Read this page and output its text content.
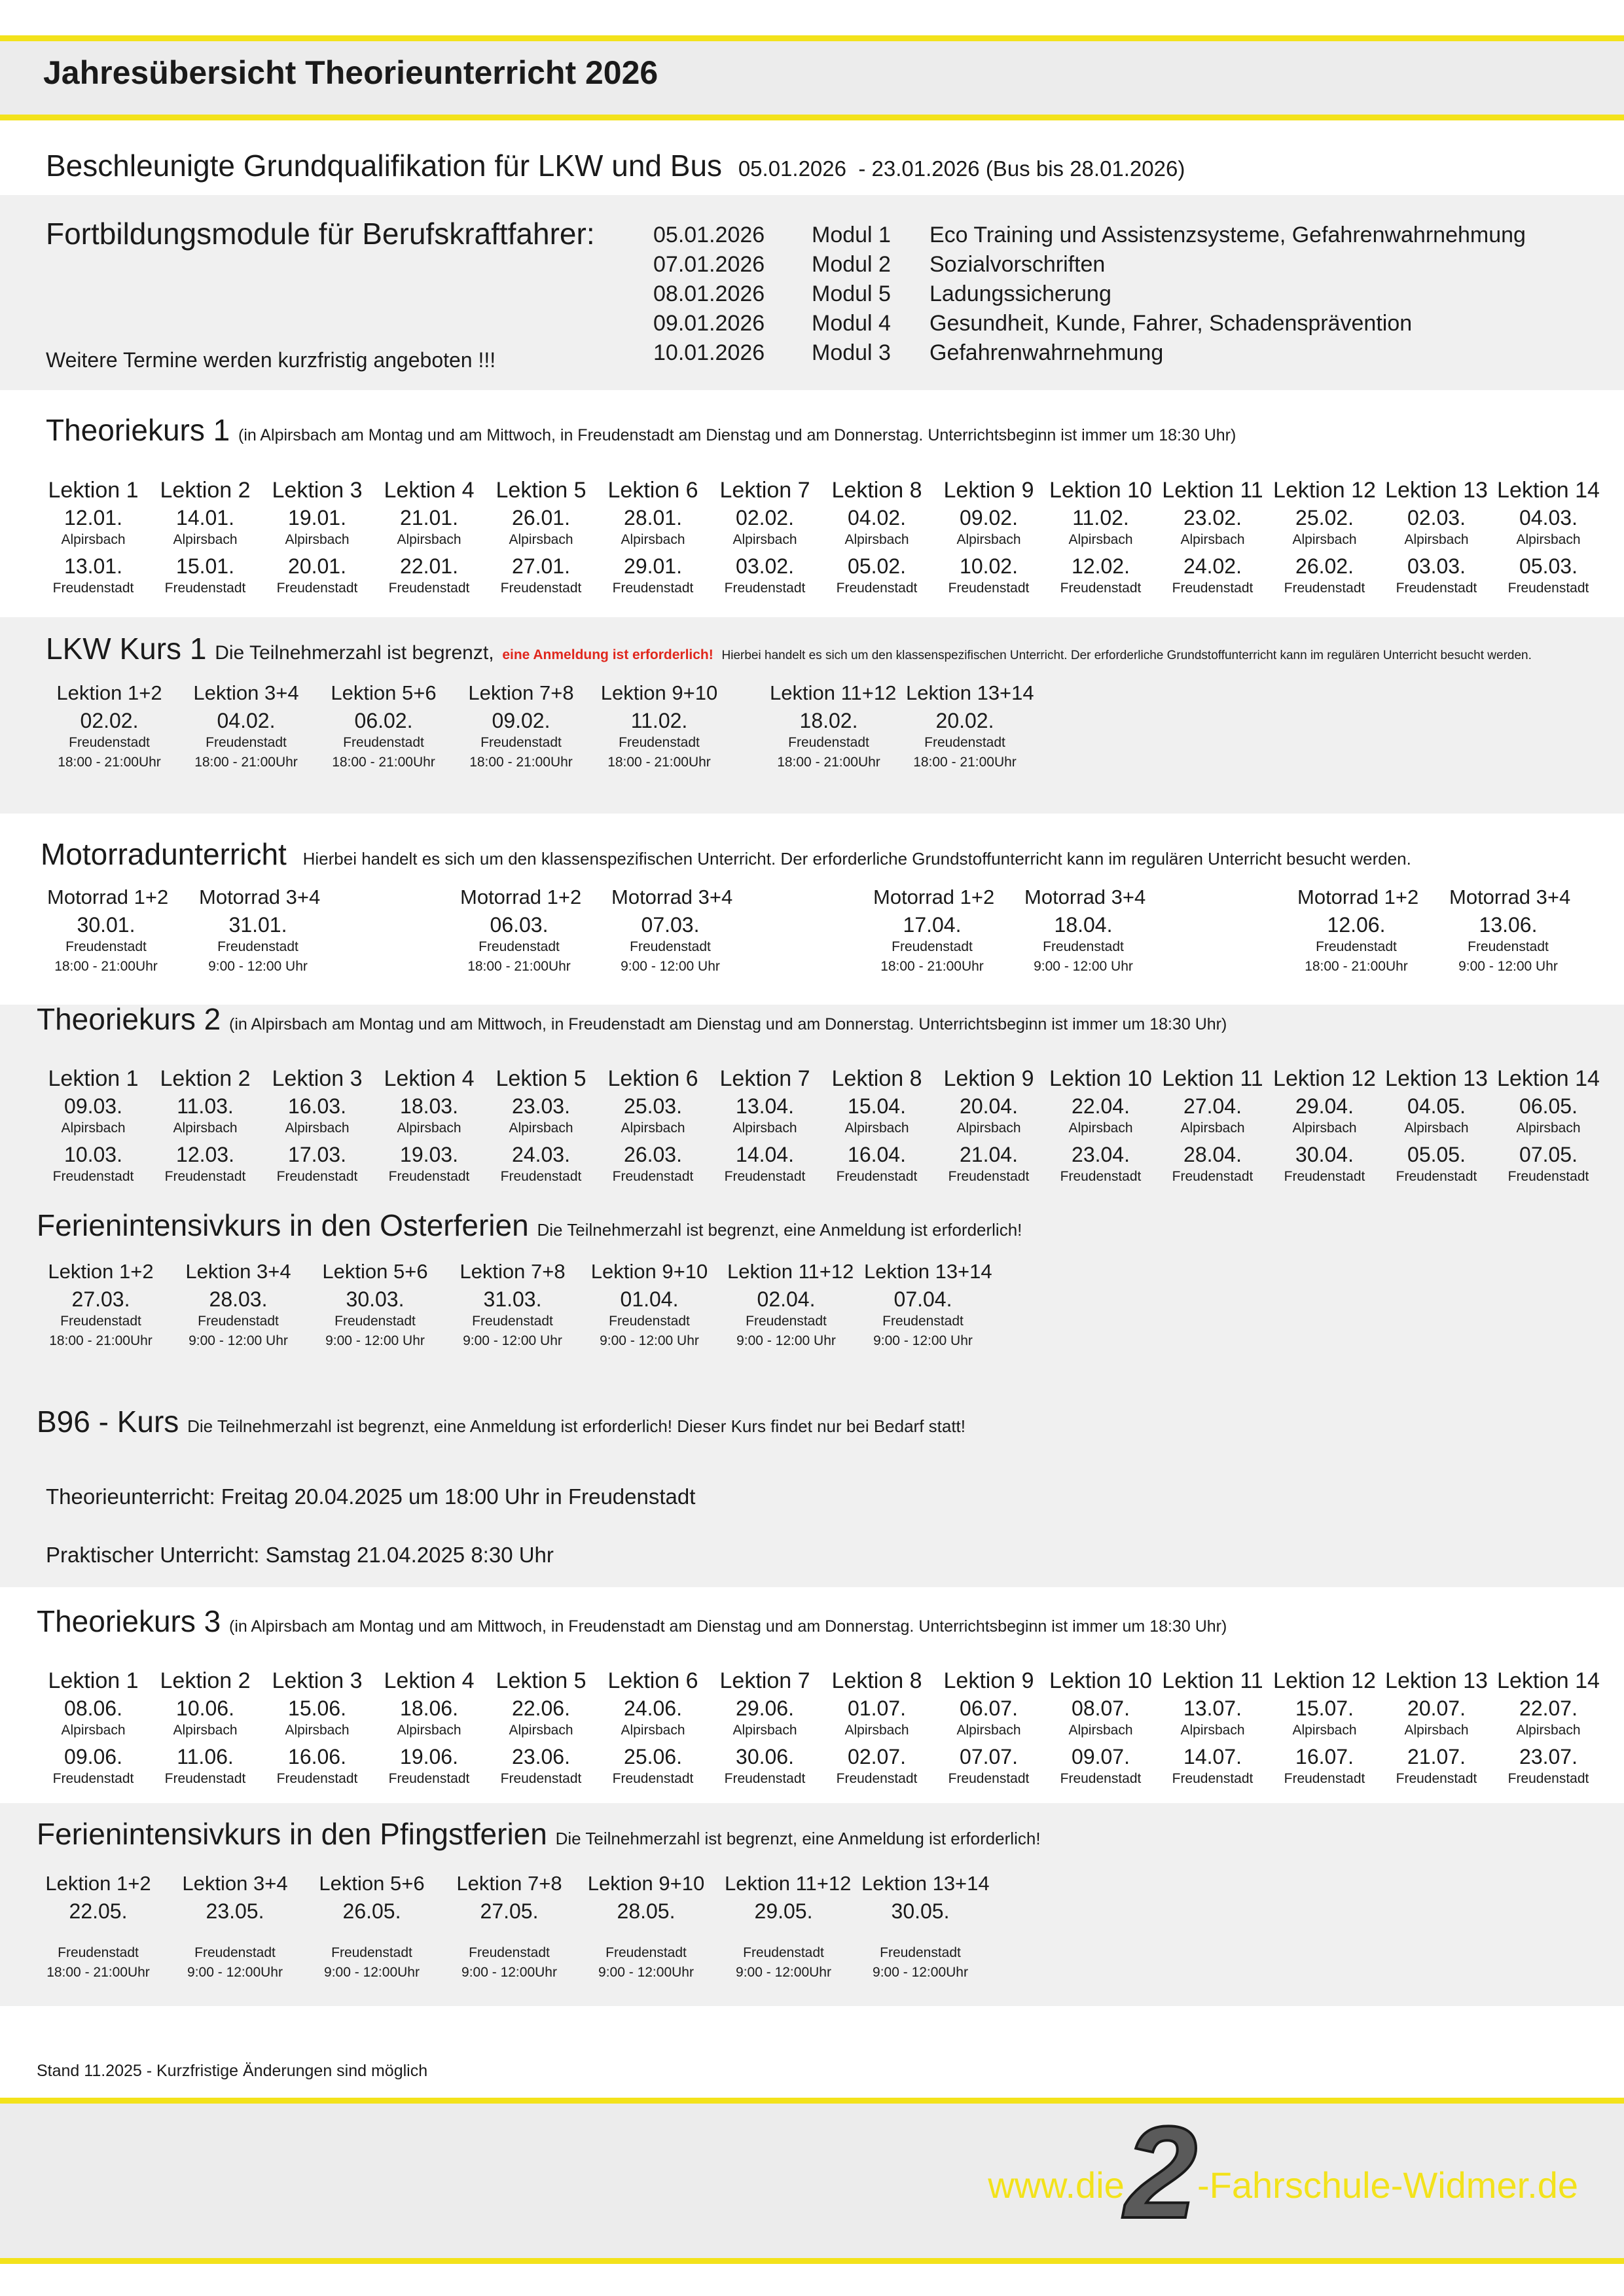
Jahresübersicht Theorieunterricht 2026
Beschleunigte Grundqualifikation für LKW und Bus 05.01.2026  - 23.01.2026 (Bus bis 28.01.2026)
Fortbildungsmodule für Berufskraftfahrer:
Weitere Termine werden kurzfristig angeboten !!!
05.01.2026 Modul 1 Eco Training und Assistenzsysteme, Gefahrenwahrnehmung
07.01.2026 Modul 2 Sozialvorschriften
08.01.2026 Modul 5 Ladungssicherung
09.01.2026 Modul 4 Gesundheit, Kunde, Fahrer, Schadensprävention
10.01.2026 Modul 3 Gefahrenwahrnehmung
Theoriekurs 1 (in Alpirsbach am Montag und am Mittwoch, in Freudenstadt am Dienstag und am Donnerstag. Unterrichtsbeginn ist immer um 18:30 Uhr)
Lektion 1
12.01.
Alpirsbach
13.01.
Freudenstadt
Lektion 2
14.01.
Alpirsbach
15.01.
Freudenstadt
Lektion 3
19.01.
Alpirsbach
20.01.
Freudenstadt
Lektion 4
21.01.
Alpirsbach
22.01.
Freudenstadt
Lektion 5
26.01.
Alpirsbach
27.01.
Freudenstadt
Lektion 6
28.01.
Alpirsbach
29.01.
Freudenstadt
Lektion 7
02.02.
Alpirsbach
03.02.
Freudenstadt
Lektion 8
04.02.
Alpirsbach
05.02.
Freudenstadt
Lektion 9
09.02.
Alpirsbach
10.02.
Freudenstadt
Lektion 10
11.02.
Alpirsbach
12.02.
Freudenstadt
Lektion 11
23.02.
Alpirsbach
24.02.
Freudenstadt
Lektion 12
25.02.
Alpirsbach
26.02.
Freudenstadt
Lektion 13
02.03.
Alpirsbach
03.03.
Freudenstadt
Lektion 14
04.03.
Alpirsbach
05.03.
Freudenstadt
LKW Kurs 1 Die Teilnehmerzahl ist begrenzt, eine Anmeldung ist erforderlich! Hierbei handelt es sich um den klassenspezifischen Unterricht. Der erforderliche Grundstoffunterricht kann im regulären Unterricht besucht werden.
Lektion 1+2
02.02.
Freudenstadt
18:00 - 21:00Uhr
Lektion 3+4
04.02.
Freudenstadt
18:00 - 21:00Uhr
Lektion 5+6
06.02.
Freudenstadt
18:00 - 21:00Uhr
Lektion 7+8
09.02.
Freudenstadt
18:00 - 21:00Uhr
Lektion 9+10
11.02.
Freudenstadt
18:00 - 21:00Uhr
Lektion 11+12
18.02.
Freudenstadt
18:00 - 21:00Uhr
Lektion 13+14
20.02.
Freudenstadt
18:00 - 21:00Uhr
Motorradunterricht Hierbei handelt es sich um den klassenspezifischen Unterricht. Der erforderliche Grundstoffunterricht kann im regulären Unterricht besucht werden.
Motorrad 1+2
30.01.
Freudenstadt
18:00 - 21:00Uhr
Motorrad 3+4
31.01.
Freudenstadt
9:00 - 12:00 Uhr
Motorrad 1+2
06.03.
Freudenstadt
18:00 - 21:00Uhr
Motorrad 3+4
07.03.
Freudenstadt
9:00 - 12:00 Uhr
Motorrad 1+2
17.04.
Freudenstadt
18:00 - 21:00Uhr
Motorrad 3+4
18.04.
Freudenstadt
9:00 - 12:00 Uhr
Motorrad 1+2
12.06.
Freudenstadt
18:00 - 21:00Uhr
Motorrad 3+4
13.06.
Freudenstadt
9:00 - 12:00 Uhr
Theoriekurs 2 (in Alpirsbach am Montag und am Mittwoch, in Freudenstadt am Dienstag und am Donnerstag. Unterrichtsbeginn ist immer um 18:30 Uhr)
Lektion 1
09.03.
Alpirsbach
10.03.
Freudenstadt
Lektion 2
11.03.
Alpirsbach
12.03.
Freudenstadt
Lektion 3
16.03.
Alpirsbach
17.03.
Freudenstadt
Lektion 4
18.03.
Alpirsbach
19.03.
Freudenstadt
Lektion 5
23.03.
Alpirsbach
24.03.
Freudenstadt
Lektion 6
25.03.
Alpirsbach
26.03.
Freudenstadt
Lektion 7
13.04.
Alpirsbach
14.04.
Freudenstadt
Lektion 8
15.04.
Alpirsbach
16.04.
Freudenstadt
Lektion 9
20.04.
Alpirsbach
21.04.
Freudenstadt
Lektion 10
22.04.
Alpirsbach
23.04.
Freudenstadt
Lektion 11
27.04.
Alpirsbach
28.04.
Freudenstadt
Lektion 12
29.04.
Alpirsbach
30.04.
Freudenstadt
Lektion 13
04.05.
Alpirsbach
05.05.
Freudenstadt
Lektion 14
06.05.
Alpirsbach
07.05.
Freudenstadt
Ferienintensivkurs in den Osterferien Die Teilnehmerzahl ist begrenzt, eine Anmeldung ist erforderlich!
Lektion 1+2
27.03.
Freudenstadt
18:00 - 21:00Uhr
Lektion 3+4
28.03.
Freudenstadt
9:00 - 12:00 Uhr
Lektion 5+6
30.03.
Freudenstadt
9:00 - 12:00 Uhr
Lektion 7+8
31.03.
Freudenstadt
9:00 - 12:00 Uhr
Lektion 9+10
01.04.
Freudenstadt
9:00 - 12:00 Uhr
Lektion 11+12
02.04.
Freudenstadt
9:00 - 12:00 Uhr
Lektion 13+14
07.04.
Freudenstadt
9:00 - 12:00 Uhr
B96 - Kurs Die Teilnehmerzahl ist begrenzt, eine Anmeldung ist erforderlich! Dieser Kurs findet nur bei Bedarf statt!
Theorieunterricht: Freitag 20.04.2025 um 18:00 Uhr in Freudenstadt
Praktischer Unterricht: Samstag 21.04.2025 8:30 Uhr
Theoriekurs 3 (in Alpirsbach am Montag und am Mittwoch, in Freudenstadt am Dienstag und am Donnerstag. Unterrichtsbeginn ist immer um 18:30 Uhr)
Lektion 1
08.06.
Alpirsbach
09.06.
Freudenstadt
Lektion 2
10.06.
Alpirsbach
11.06.
Freudenstadt
Lektion 3
15.06.
Alpirsbach
16.06.
Freudenstadt
Lektion 4
18.06.
Alpirsbach
19.06.
Freudenstadt
Lektion 5
22.06.
Alpirsbach
23.06.
Freudenstadt
Lektion 6
24.06.
Alpirsbach
25.06.
Freudenstadt
Lektion 7
29.06.
Alpirsbach
30.06.
Freudenstadt
Lektion 8
01.07.
Alpirsbach
02.07.
Freudenstadt
Lektion 9
06.07.
Alpirsbach
07.07.
Freudenstadt
Lektion 10
08.07.
Alpirsbach
09.07.
Freudenstadt
Lektion 11
13.07.
Alpirsbach
14.07.
Freudenstadt
Lektion 12
15.07.
Alpirsbach
16.07.
Freudenstadt
Lektion 13
20.07.
Alpirsbach
21.07.
Freudenstadt
Lektion 14
22.07.
Alpirsbach
23.07.
Freudenstadt
Ferienintensivkurs in den Pfingstferien Die Teilnehmerzahl ist begrenzt, eine Anmeldung ist erforderlich!
Lektion 1+2
22.05.
Freudenstadt
18:00 - 21:00Uhr
Lektion 3+4
23.05.
Freudenstadt
9:00 - 12:00Uhr
Lektion 5+6
26.05.
Freudenstadt
9:00 - 12:00Uhr
Lektion 7+8
27.05.
Freudenstadt
9:00 - 12:00Uhr
Lektion 9+10
28.05.
Freudenstadt
9:00 - 12:00Uhr
Lektion 11+12
29.05.
Freudenstadt
9:00 - 12:00Uhr
Lektion 13+14
30.05.
Freudenstadt
9:00 - 12:00Uhr
Stand 11.2025 - Kurzfristige Änderungen sind möglich
www.die2-Fahrschule-Widmer.de
